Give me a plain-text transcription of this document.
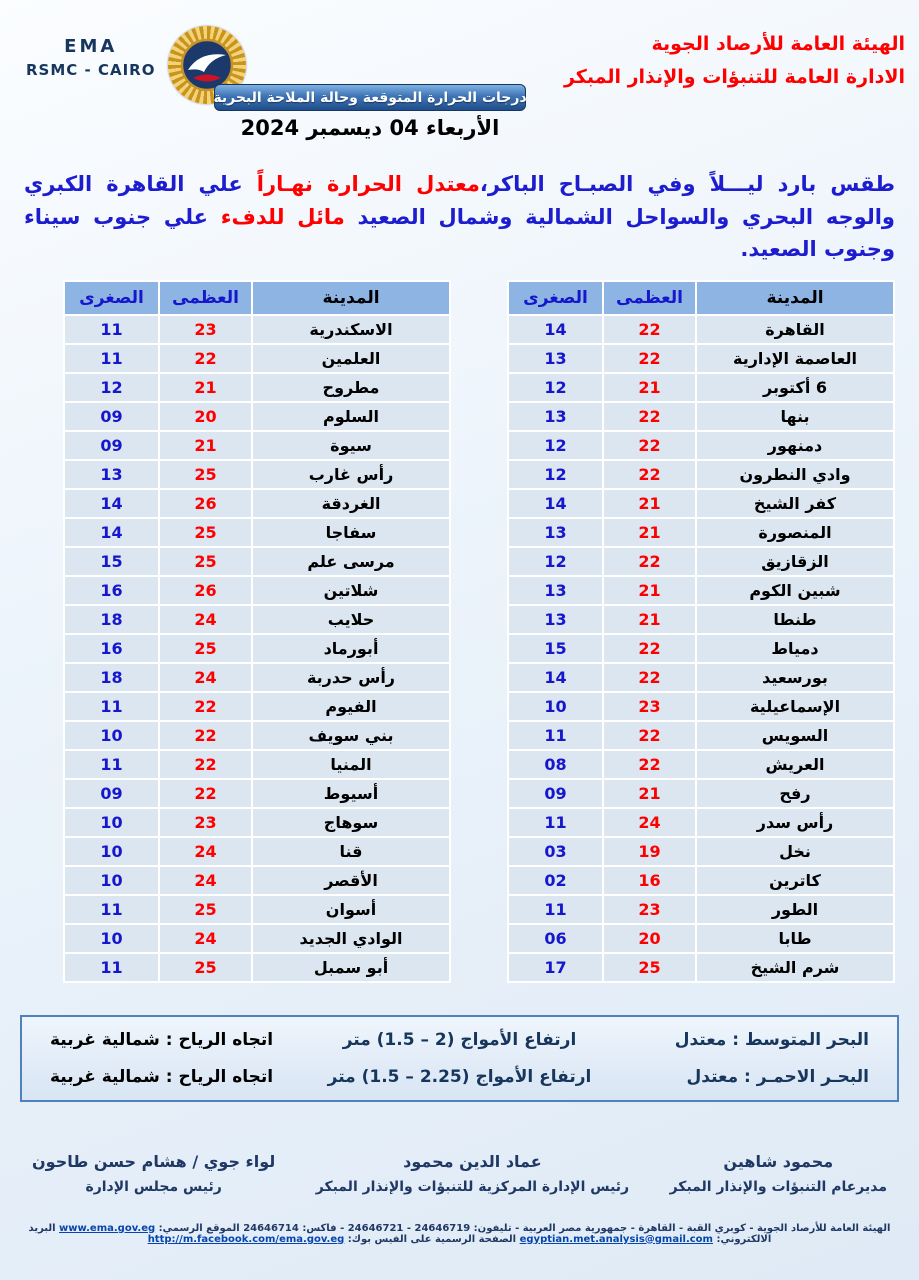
EMA
RSMC - CAIRO
درجات الحرارة المتوقعة وحالة الملاحة البحرية
الأربعاء 04 ديسمبر 2024
الهيئة العامة للأرصاد الجوية
الادارة العامة للتنبؤات والإنذار المبكر

طقس بارد ليـــلاً وفي الصبـاح الباكر،معتدل الحرارة نهـاراً علي القاهرة الكبري والوجه البحري والسواحل الشمالية وشمال الصعيد مائل للدفء علي جنوب سيناء وجنوب الصعيد.

المدينة	العظمى	الصغرى
القاهرة	22	14
العاصمة الإدارية	22	13
6 أكتوبر	21	12
بنها	22	13
دمنهور	22	12
وادي النطرون	22	12
كفر الشيخ	21	14
المنصورة	21	13
الزقازيق	22	12
شبين الكوم	21	13
طنطا	21	13
دمياط	22	15
بورسعيد	22	14
الإسماعيلية	23	10
السويس	22	11
العريش	22	08
رفح	21	09
رأس سدر	24	11
نخل	19	03
كاترين	16	02
الطور	23	11
طابا	20	06
شرم الشيخ	25	17
المدينة	العظمى	الصغرى
الاسكندرية	23	11
العلمين	22	11
مطروح	21	12
السلوم	20	09
سيوة	21	09
رأس غارب	25	13
الغردقة	26	14
سفاجا	25	14
مرسى علم	25	15
شلاتين	26	16
حلايب	24	18
أبورماد	25	16
رأس حدربة	24	18
الفيوم	22	11
بني سويف	22	10
المنيا	22	11
أسيوط	22	09
سوهاج	23	10
قنا	24	10
الأقصر	24	10
أسوان	25	11
الوادي الجديد	24	10
أبو سمبل	25	11
البحر المتوسط : معتدل
ارتفاع الأمواج (1.5 – 2) متر
اتجاه الرياح : شمالية غربية
البحـر الاحمـر : معتدل
ارتفاع الأمواج (1.5 – 2.25) متر
اتجاه الرياح : شمالية غربية
محمود شاهين
مديرعام التنبؤات والإنذار المبكر
عماد الدين محمود
رئيس الإدارة المركزية للتنبؤات والإنذار المبكر
لواء جوي / هشام حسن طاحون
رئيس مجلس الإدارة
الهيئة العامة للأرصاد الجوية - كوبري القبة - القاهرة - جمهورية مصر العربية - تليفون: 24646719 - 24646721 - فاكس: 24646714 الموقع الرسمي: www.ema.gov.eg البريد الالكتروني: egyptian.met.analysis@gmail.com الصفحة الرسمية على الفيس بوك: http://m.facebook.com/ema.gov.eg
